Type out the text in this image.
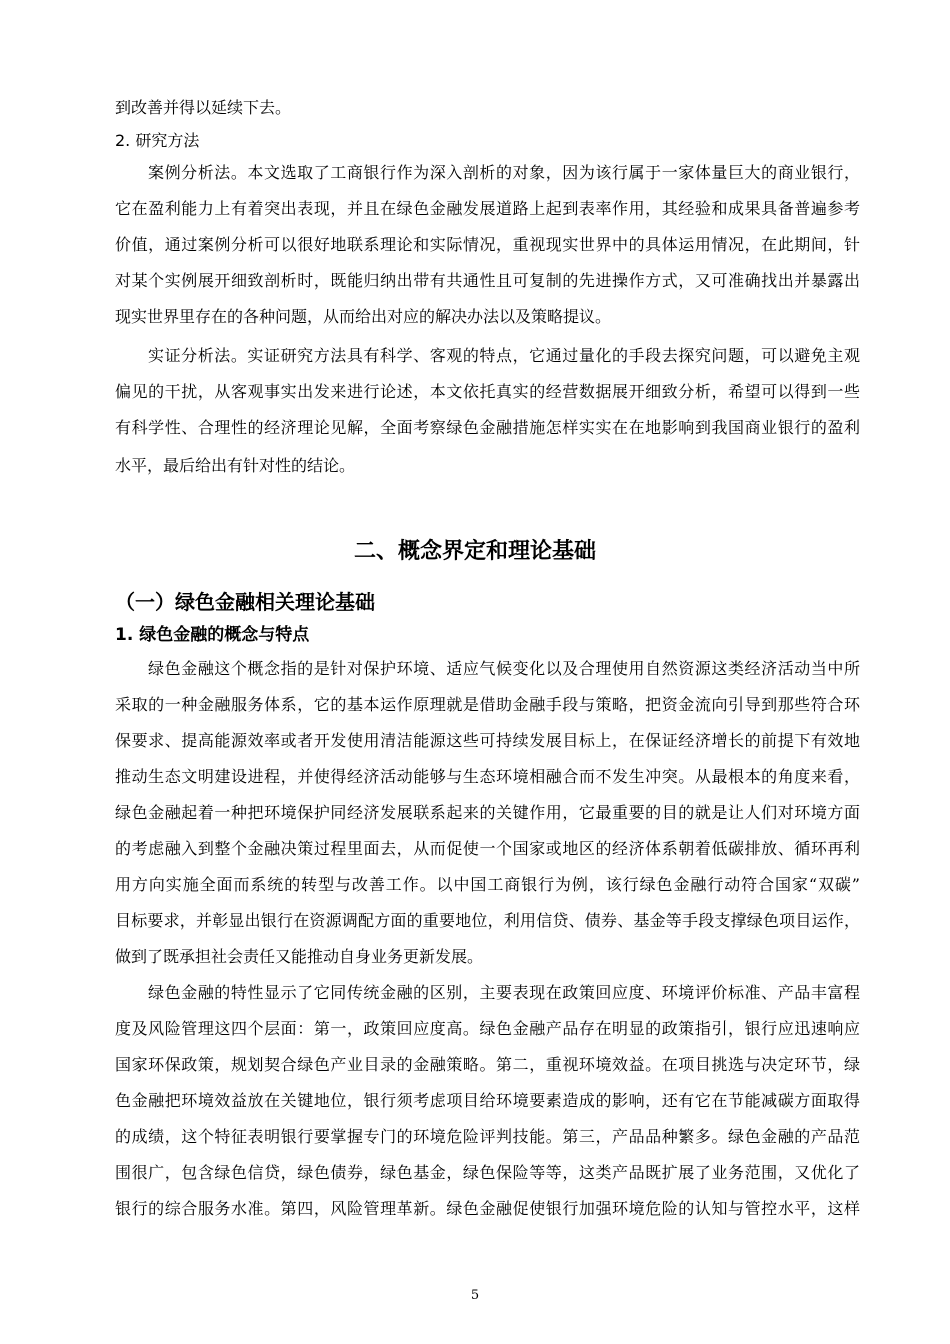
到改善并得以延续下去。
2. 研究方法
案例分析法。本文选取了工商银行作为深入剖析的对象，因为该行属于一家体量巨大的商业银行，
它在盈利能力上有着突出表现，并且在绿色金融发展道路上起到表率作用，其经验和成果具备普遍参考
价值，通过案例分析可以很好地联系理论和实际情况，重视现实世界中的具体运用情况，在此期间，针
对某个实例展开细致剖析时，既能归纳出带有共通性且可复制的先进操作方式，又可准确找出并暴露出
现实世界里存在的各种问题，从而给出对应的解决办法以及策略提议。
实证分析法。实证研究方法具有科学、客观的特点，它通过量化的手段去探究问题，可以避免主观
偏见的干扰，从客观事实出发来进行论述，本文依托真实的经营数据展开细致分析，希望可以得到一些
有科学性、合理性的经济理论见解，全面考察绿色金融措施怎样实实在在地影响到我国商业银行的盈利
水平，最后给出有针对性的结论。
二、概念界定和理论基础
（一）绿色金融相关理论基础
1. 绿色金融的概念与特点
绿色金融这个概念指的是针对保护环境、适应气候变化以及合理使用自然资源这类经济活动当中所
采取的一种金融服务体系，它的基本运作原理就是借助金融手段与策略，把资金流向引导到那些符合环
保要求、提高能源效率或者开发使用清洁能源这些可持续发展目标上，在保证经济增长的前提下有效地
推动生态文明建设进程，并使得经济活动能够与生态环境相融合而不发生冲突。从最根本的角度来看，
绿色金融起着一种把环境保护同经济发展联系起来的关键作用，它最重要的目的就是让人们对环境方面
的考虑融入到整个金融决策过程里面去，从而促使一个国家或地区的经济体系朝着低碳排放、循环再利
用方向实施全面而系统的转型与改善工作。以中国工商银行为例，该行绿色金融行动符合国家“双碳”
目标要求，并彰显出银行在资源调配方面的重要地位，利用信贷、债券、基金等手段支撑绿色项目运作，
做到了既承担社会责任又能推动自身业务更新发展。
绿色金融的特性显示了它同传统金融的区别，主要表现在政策回应度、环境评价标准、产品丰富程
度及风险管理这四个层面：第一，政策回应度高。绿色金融产品存在明显的政策指引，银行应迅速响应
国家环保政策，规划契合绿色产业目录的金融策略。第二，重视环境效益。在项目挑选与决定环节，绿
色金融把环境效益放在关键地位，银行须考虑项目给环境要素造成的影响，还有它在节能减碳方面取得
的成绩，这个特征表明银行要掌握专门的环境危险评判技能。第三，产品品种繁多。绿色金融的产品范
围很广，包含绿色信贷，绿色债券，绿色基金，绿色保险等等，这类产品既扩展了业务范围，又优化了
银行的综合服务水准。第四，风险管理革新。绿色金融促使银行加强环境危险的认知与管控水平，这样
5
